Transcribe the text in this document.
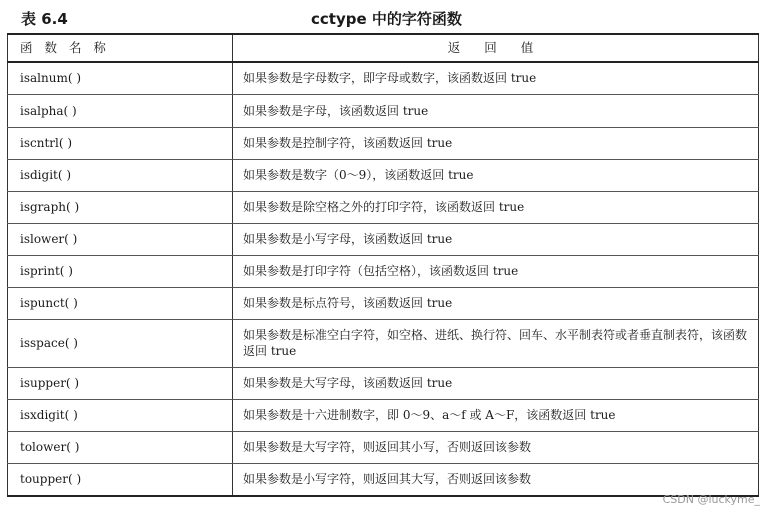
表 6.4	cctype 中的字符函数
函 数 名 称	返 回 值
isalnum( )	如果参数是字母数字，即字母或数字，该函数返回 true
isalpha( )	如果参数是字母，该函数返回 true
iscntrl( )	如果参数是控制字符，该函数返回 true
isdigit( )	如果参数是数字（0～9），该函数返回 true
isgraph( )	如果参数是除空格之外的打印字符，该函数返回 true
islower( )	如果参数是小写字母，该函数返回 true
isprint( )	如果参数是打印字符（包括空格），该函数返回 true
ispunct( )	如果参数是标点符号，该函数返回 true
isspace( )	如果参数是标准空白字符，如空格、进纸、换行符、回车、水平制表符或者垂直制表符，该函数返回 true
isupper( )	如果参数是大写字母，该函数返回 true
isxdigit( )	如果参数是十六进制数字，即 0～9、a～f 或 A～F，该函数返回 true
tolower( )	如果参数是大写字符，则返回其小写，否则返回该参数
toupper( )	如果参数是小写字符，则返回其大写，否则返回该参数
CSDN @luckyme_
